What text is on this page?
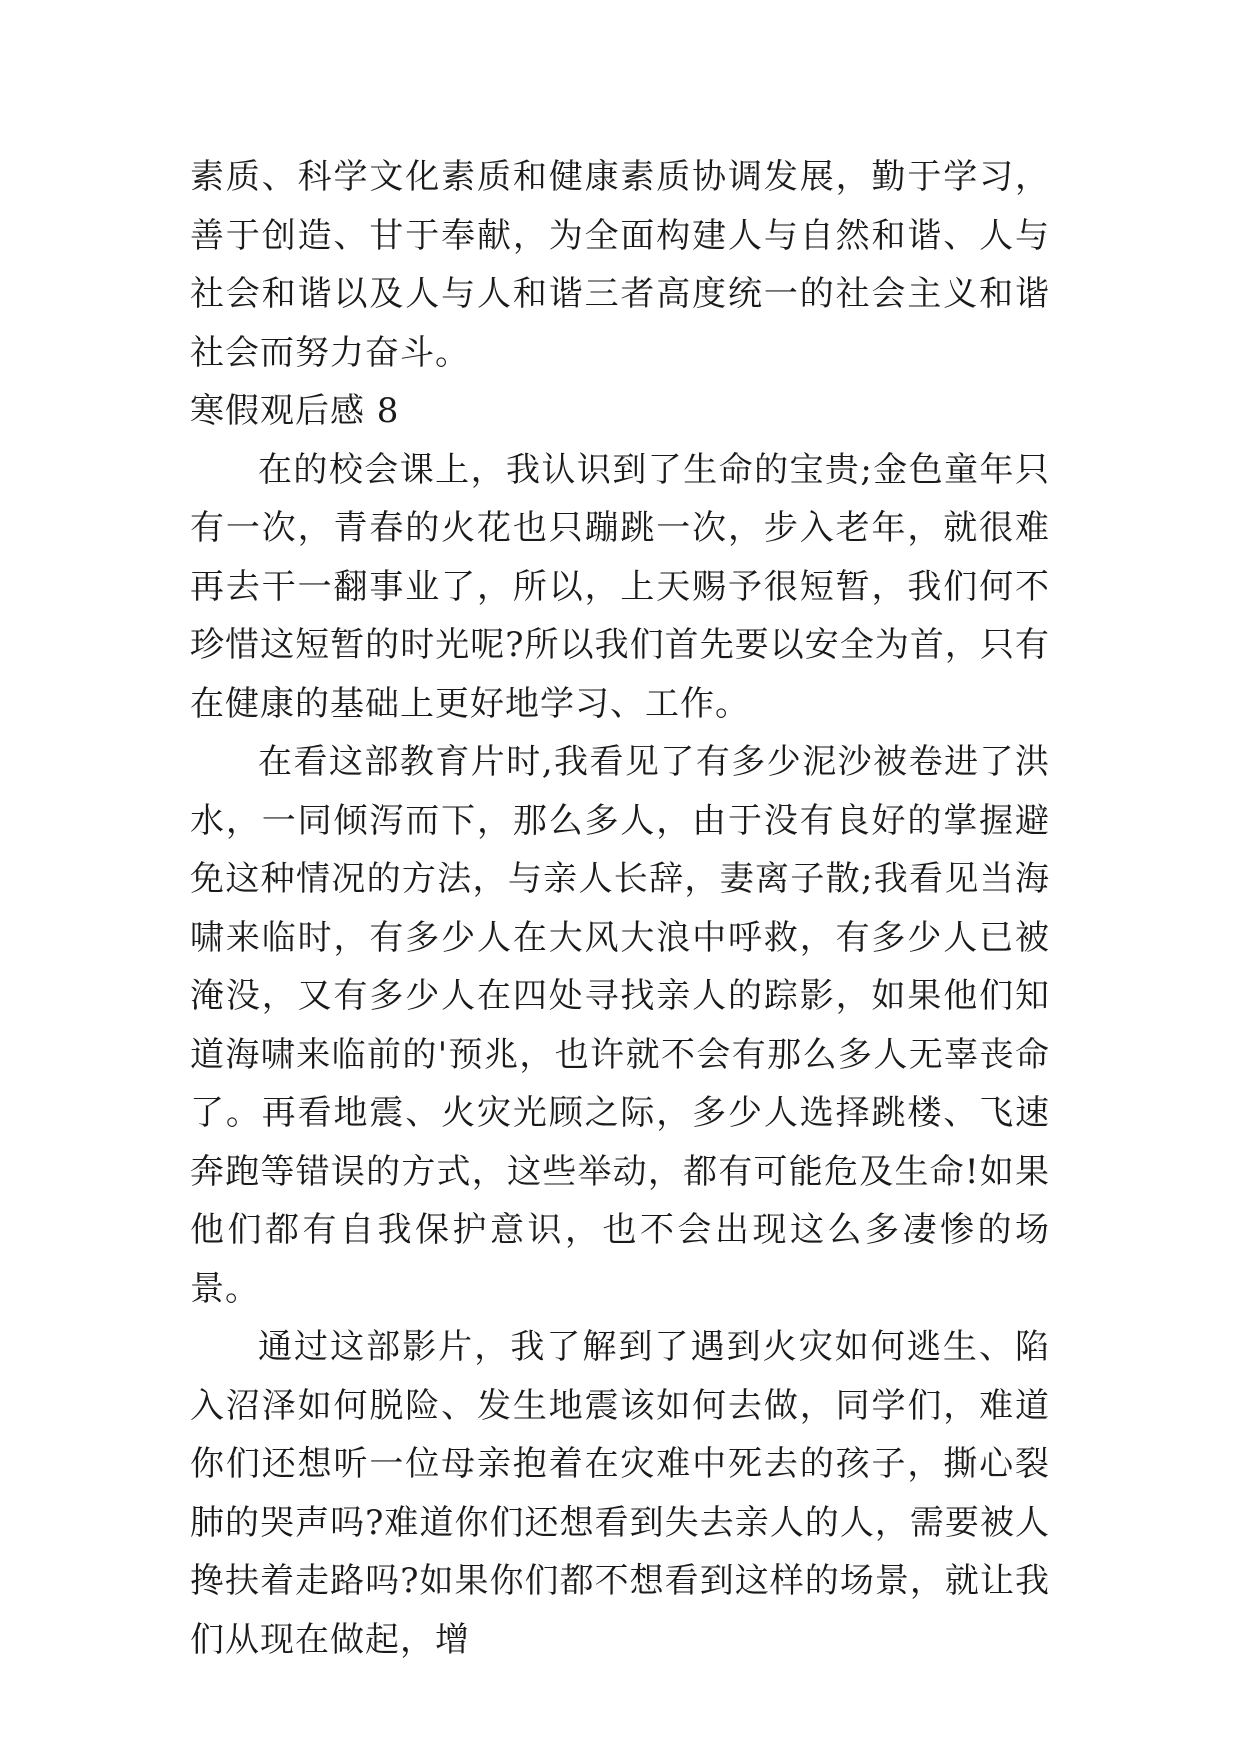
素质、科学文化素质和健康素质协调发展，勤于学习，善于创造、甘于奉献，为全面构建人与自然和谐、人与社会和谐以及人与人和谐三者高度统一的社会主义和谐社会而努力奋斗。

寒假观后感 8

在的校会课上，我认识到了生命的宝贵;金色童年只有一次，青春的火花也只蹦跳一次，步入老年，就很难再去干一翻事业了，所以，上天赐予很短暂，我们何不珍惜这短暂的时光呢?所以我们首先要以安全为首，只有在健康的基础上更好地学习、工作。

在看这部教育片时,我看见了有多少泥沙被卷进了洪水，一同倾泻而下，那么多人，由于没有良好的掌握避免这种情况的方法，与亲人长辞，妻离子散;我看见当海啸来临时，有多少人在大风大浪中呼救，有多少人已被淹没，又有多少人在四处寻找亲人的踪影，如果他们知道海啸来临前的'预兆，也许就不会有那么多人无辜丧命了。再看地震、火灾光顾之际，多少人选择跳楼、飞速奔跑等错误的方式，这些举动，都有可能危及生命!如果他们都有自我保护意识，也不会出现这么多凄惨的场景。

通过这部影片，我了解到了遇到火灾如何逃生、陷入沼泽如何脱险、发生地震该如何去做，同学们，难道你们还想听一位母亲抱着在灾难中死去的孩子，撕心裂肺的哭声吗?难道你们还想看到失去亲人的人，需要被人搀扶着走路吗?如果你们都不想看到这样的场景，就让我们从现在做起，增
